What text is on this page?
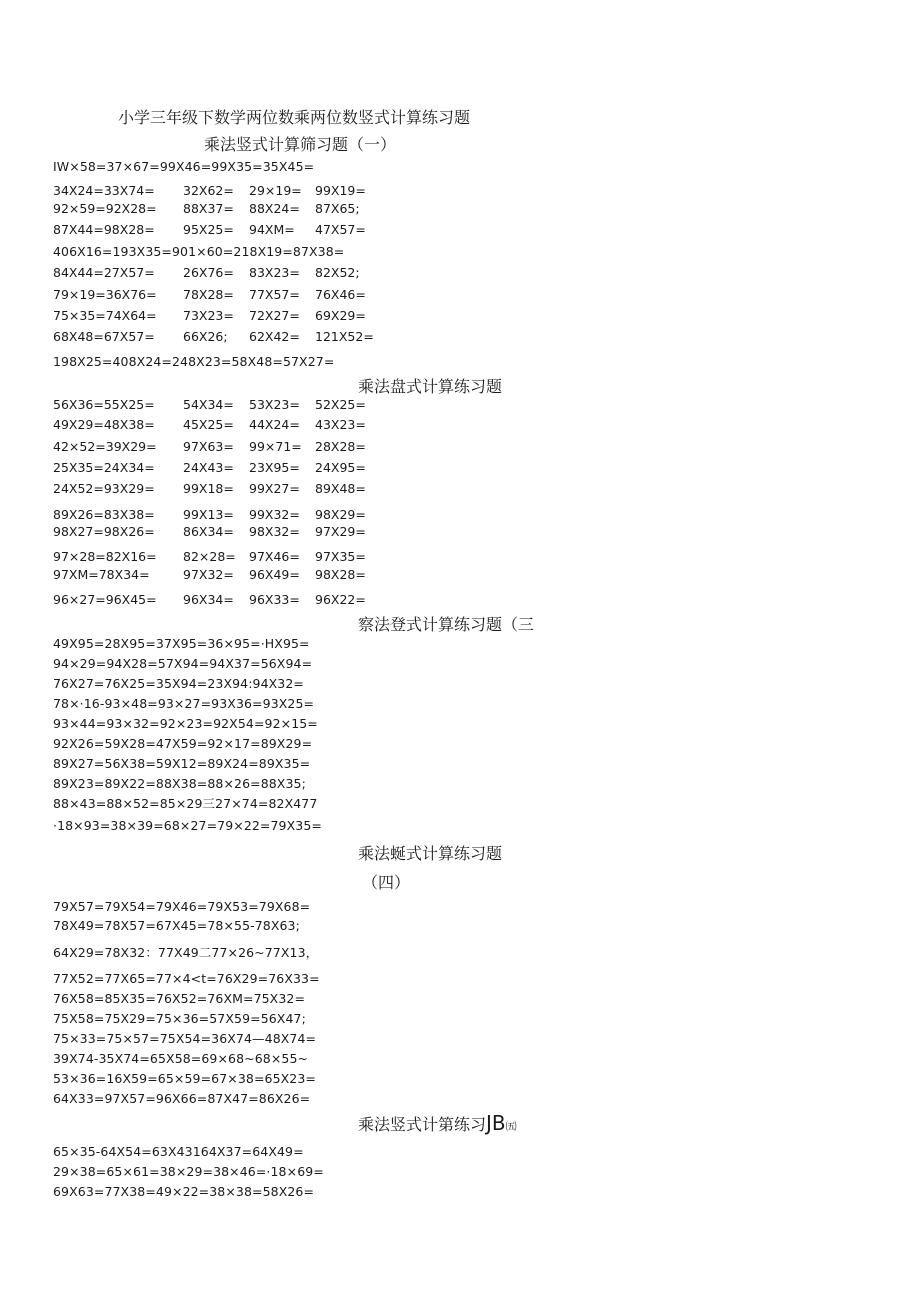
小学三年级下数学两位数乘两位数竖式计算练习题
乘法竖式计算筛习题（一）
IW×58=37×67=99X46=99X35=35X45=
34X24=33X74= 32X62= 29×19= 99X19=
92×59=92X28= 88X37= 88X24= 87X65;
87X44=98X28= 95X25= 94XM= 47X57=
406X16=193X35=901×60=218X19=87X38=
84X44=27X57= 26X76= 83X23= 82X52;
79×19=36X76= 78X28= 77X57= 76X46=
75×35=74X64= 73X23= 72X27= 69X29=
68X48=67X57= 66X26; 62X42= 121X52=
198X25=408X24=248X23=58X48=57X27=
乘法盘式计算练习题
56X36=55X25= 54X34= 53X23= 52X25=
49X29=48X38= 45X25= 44X24= 43X23=
42×52=39X29= 97X63= 99×71= 28X28=
25X35=24X34= 24X43= 23X95= 24X95=
24X52=93X29= 99X18= 99X27= 89X48=
89X26=83X38= 99X13= 99X32= 98X29=
98X27=98X26= 86X34= 98X32= 97X29=
97×28=82X16= 82×28= 97X46= 97X35=
97XM=78X34=	97X32= 96X49= 98X28=
96×27=96X45= 96X34= 96X33= 96X22=
察法登式计算练习题（三
49X95=28X95=37X95=36×95=·HX95=
94×29=94X28=57X94=94X37=56X94=
76X27=76X25=35X94=23X94:94X32=
78×·16-93×48=93×27=93X36=93X25=
93×44=93×32=92×23=92X54=92×15=
92X26=59X28=47X59=92×17=89X29=
89X27=56X38=59X12=89X24=89X35=
89X23=89X22=88X38=88×26=88X35;
88×43=88×52=85×29三27×74=82X477
·18×93=38×39=68×27=79×22=79X35=
乘法蜒式计算练习题
（四）
79X57=79X54=79X46=79X53=79X68=
78X49=78X57=67X45=78×55-78X63;
64X29=78X32：77X49二77×26~77X13，
77X52=77X65=77×4<t=76X29=76X33=
76X58=85X35=76X52=76XM=75X32=
75X58=75X29=75×36=57X59=56X47;
75×33=75×57=75X54=36X74—48X74=
39X74-35X74=65X58=69×68~68×55~
53×36=16X59=65×59=67×38=65X23=
64X33=97X57=96X66=87X47=86X26=
乘法竖式计第练习JB㈤
65×35-64X54=63X43164X37=64X49=
29×38=65×61=38×29=38×46=·18×69=
69X63=77X38=49×22=38×38=58X26=
